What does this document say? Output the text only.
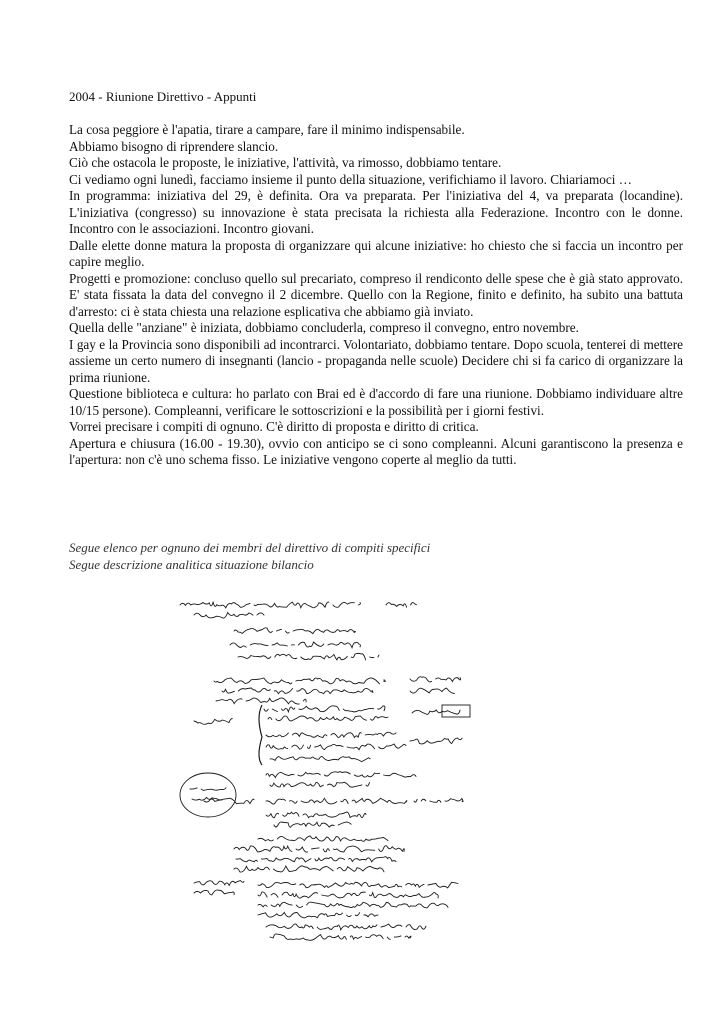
2004 - Riunione Direttivo - Appunti

La cosa peggiore è l'apatia, tirare a campare, fare il minimo indispensabile.

Abbiamo bisogno di riprendere slancio.

Ciò che ostacola le proposte, le iniziative, l'attività, va rimosso, dobbiamo tentare.

Ci vediamo ogni lunedì, facciamo insieme il punto della situazione, verifichiamo il lavoro. Chiariamoci …

In programma: iniziativa del 29, è definita. Ora va preparata. Per l'iniziativa del 4, va preparata (locandine). L'iniziativa (congresso) su innovazione è stata precisata la richiesta alla Federazione. Incontro con le donne. Incontro con le associazioni. Incontro giovani.

Dalle elette donne matura la proposta di organizzare qui alcune iniziative: ho chiesto che si faccia un incontro per capire meglio.

Progetti e promozione: concluso quello sul precariato, compreso il rendiconto delle spese che è già stato approvato. E' stata fissata la data del convegno il 2 dicembre. Quello con la Regione, finito e definito, ha subito una battuta d'arresto: ci è stata chiesta una relazione esplicativa che abbiamo già inviato.

Quella delle "anziane" è iniziata, dobbiamo concluderla, compreso il convegno, entro novembre.

I gay e la Provincia sono disponibili ad incontrarci. Volontariato, dobbiamo tentare. Dopo scuola, tenterei di mettere assieme un certo numero di insegnanti (lancio - propaganda nelle scuole) Decidere chi si fa carico di organizzare la prima riunione.

Questione biblioteca e cultura: ho parlato con Brai ed è d'accordo di fare una riunione. Dobbiamo individuare altre 10/15 persone). Compleanni, verificare le sottoscrizioni e la possibilità per i giorni festivi.

Vorrei precisare i compiti di ognuno. C'è diritto di proposta e diritto di critica.

Apertura e chiusura (16.00 - 19.30), ovvio con anticipo se ci sono compleanni. Alcuni garantiscono la presenza e l'apertura: non c'è uno schema fisso. Le iniziative vengono coperte al meglio da tutti.

Segue elenco per ognuno dei membri del direttivo di compiti specifici

Segue descrizione analitica situazione bilancio
